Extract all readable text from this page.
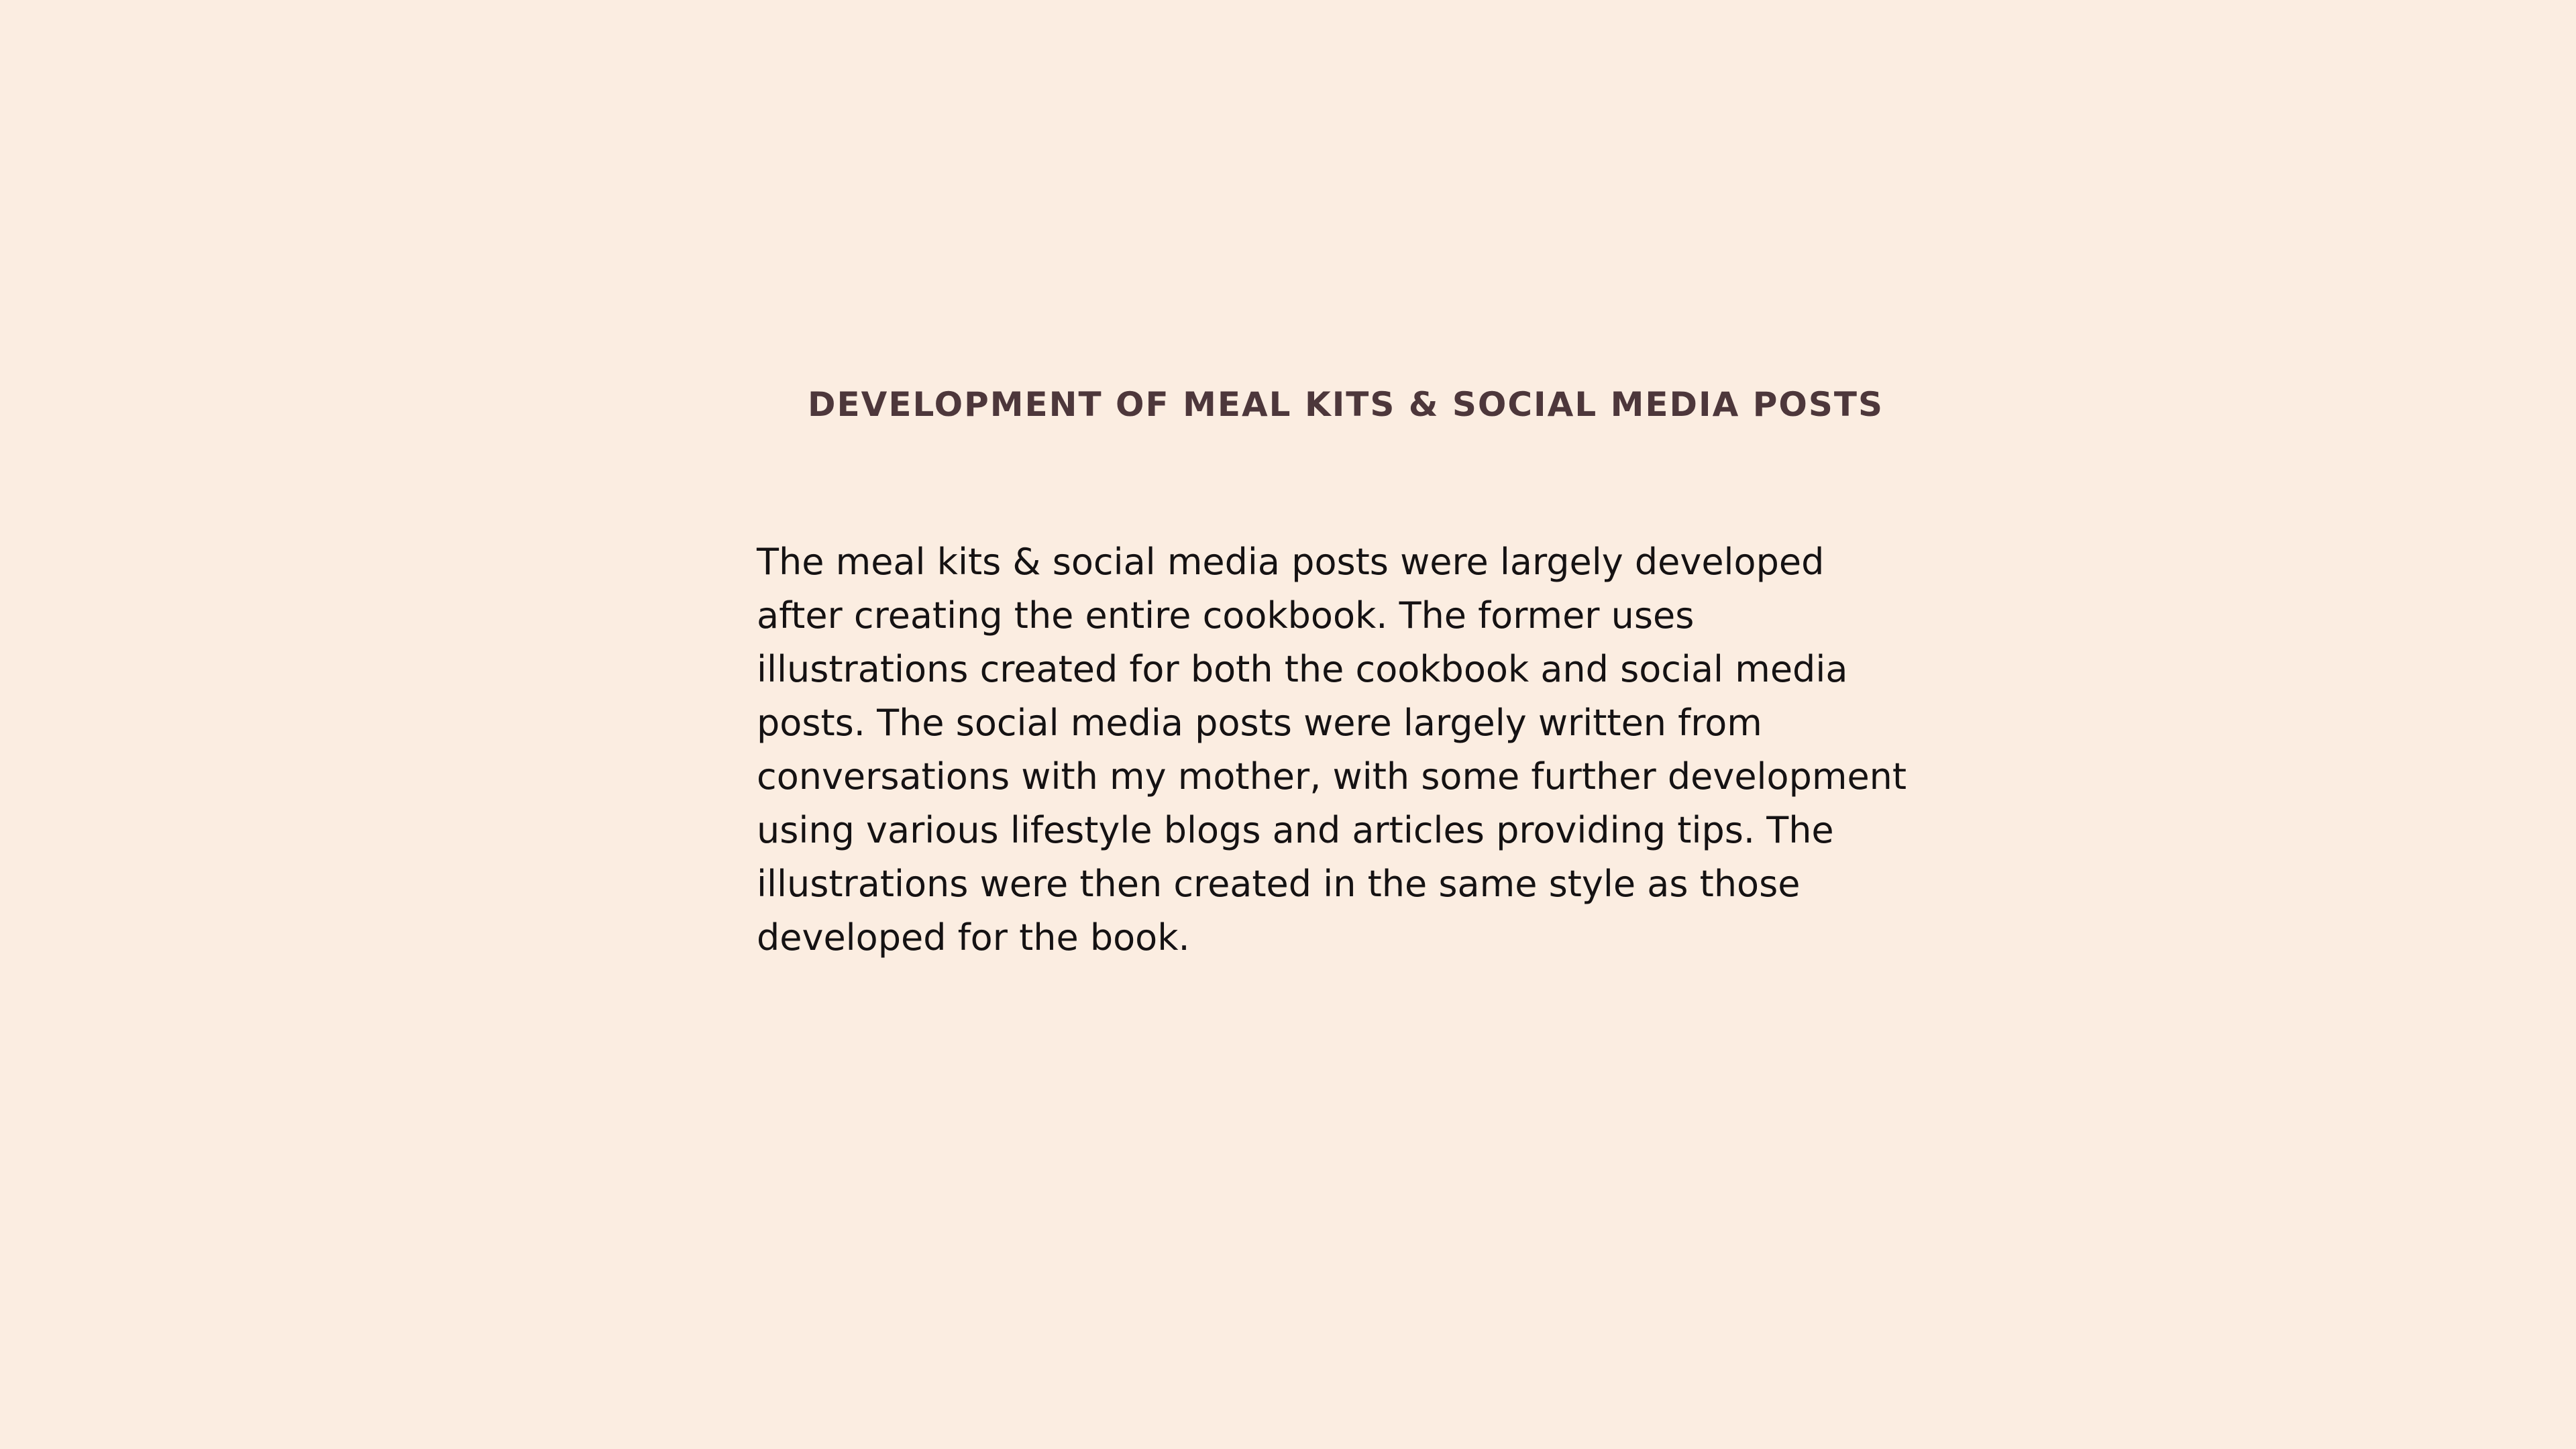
DEVELOPMENT OF MEAL KITS & SOCIAL MEDIA POSTS

The meal kits & social media posts were largely developed after creating the entire cookbook. The former uses illustrations created for both the cookbook and social media posts. The social media posts were largely written from conversations with my mother, with some further development using various lifestyle blogs and articles providing tips. The illustrations were then created in the same style as those developed for the book.
